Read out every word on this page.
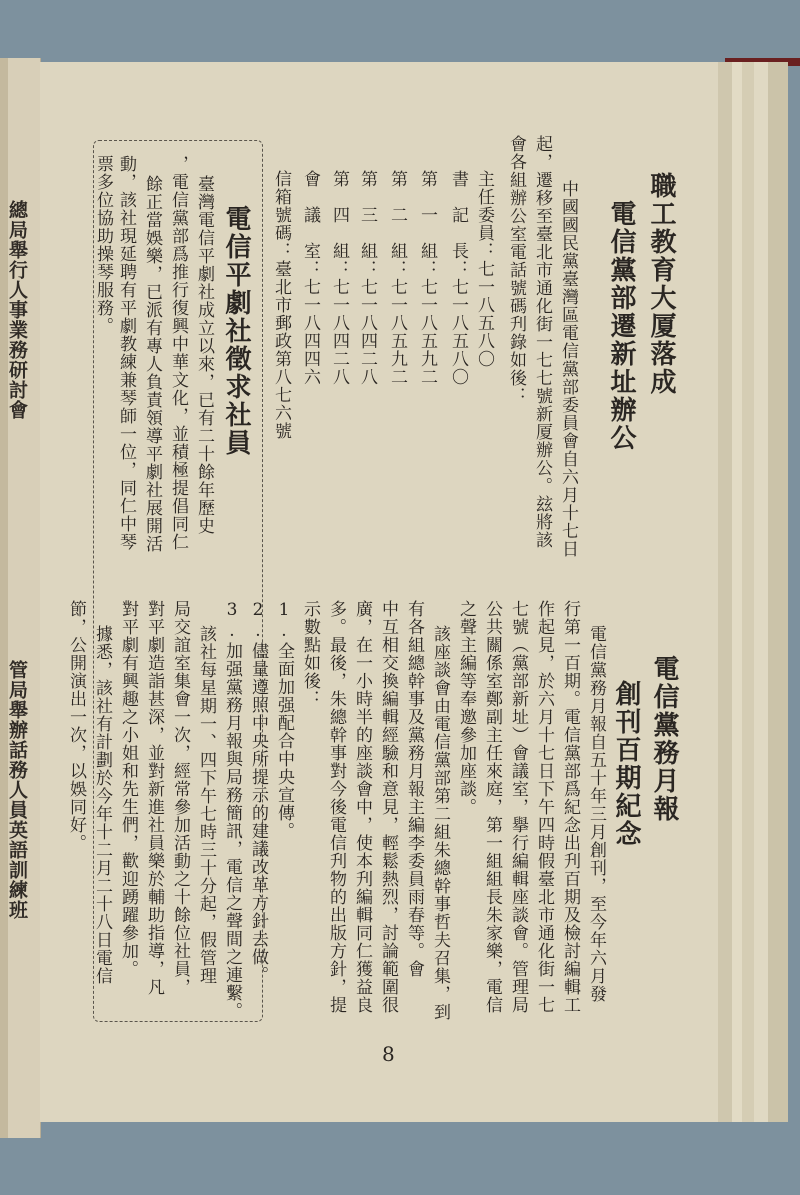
總局舉行人事業務研討會
管局舉辦話務人員英語訓練班
職工教育大厦落成
電信黨部遷新址辦公
中國國民黨臺灣區電信黨部委員會自六月十七日
起，遷移至臺北市通化街一七七號新厦辦公。玆將該
會各組辦公室電話號碼刋錄如後：
主任委員：七一八五八〇
書　記　長：七一八五八〇
第　一　組：七一八五九二
第　二　組：七一八五九二
第　三　組：七一八四二八
第　四　組：七一八四二八
會　議　室：七一八四四六
信箱號碼：臺北市郵政第八七六號
電信平劇社徵求社員
臺灣電信平劇社成立以來，已有二十餘年歷史
，電信黨部爲推行復興中華文化，並積極提倡同仁
餘正當娛樂，已派有專人負責領導平劇社展開活
動，該社現延聘有平劇教練兼琴師一位，同仁中琴
票多位協助操琴服務。
電信黨務月報
創刊百期紀念
電信黨務月報自五十年三月創刊，至今年六月發
行第一百期。電信黨部爲紀念出刋百期及檢討編輯工
作起見，於六月十七日下午四時假臺北市通化街一七
七號（黨部新址）會議室，擧行編輯座談會。管理局
公共關係室鄭副主任來庭，第一組組長朱家樂，電信
之聲主編等奉邀參加座談。
該座談會由電信黨部第二組朱總幹事哲夫召集，到
有各組總幹事及黨務月報主編李委員雨春等。會
中互相交換編輯經驗和意見，輕鬆熱烈，討論範圍很
廣，在一小時半的座談會中，使本刋編輯同仁獲益良
多。最後，朱總幹事對今後電信刋物的出版方針，提
示數點如後：
1.全面加强配合中央宣傳。
2.儘量遵照中央所提示的建議改革方針去做。
3.加强黨務月報與局務簡訊，電信之聲間之連繫。
該社每星期一、四下午七時三十分起，假管理
局交誼室集會一次，經常參加活動之十餘位社員，
對平劇造詣甚深，並對新進社員樂於輔助指導，凡
對平劇有興趣之小姐和先生們，歡迎踴躍參加。
據悉，該社有計劃於今年十二月二十八日電信
節，公開演出一次，以娛同好。
8
